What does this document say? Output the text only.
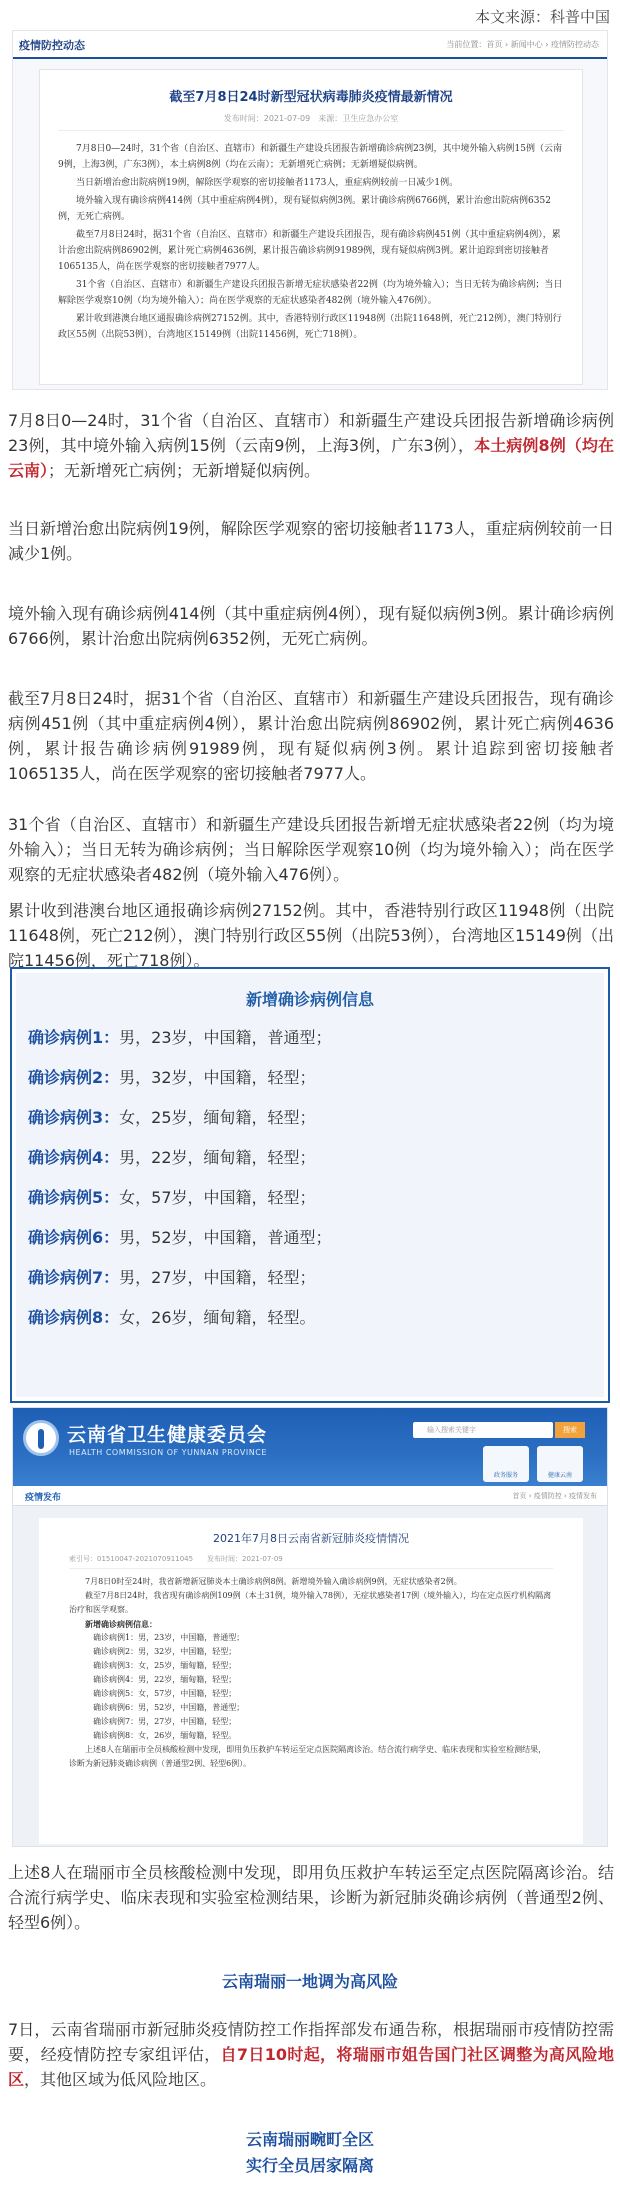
本文来源：科普中国
疫情防控动态	当前位置：首页 › 新闻中心 › 疫情防控动态
截至7月8日24时新型冠状病毒肺炎疫情最新情况
发布时间：2021-07-09　来源：卫生应急办公室

7月8日0—24时，31个省（自治区、直辖市）和新疆生产建设兵团报告新增确诊病例23例，其中境外输入病例15例（云南9例，上海3例，广东3例），本土病例8例（均在云南）；无新增死亡病例；无新增疑似病例。

当日新增治愈出院病例19例，解除医学观察的密切接触者1173人，重症病例较前一日减少1例。

境外输入现有确诊病例414例（其中重症病例4例），现有疑似病例3例。累计确诊病例6766例，累计治愈出院病例6352例，无死亡病例。

截至7月8日24时，据31个省（自治区、直辖市）和新疆生产建设兵团报告，现有确诊病例451例（其中重症病例4例），累计治愈出院病例86902例，累计死亡病例4636例，累计报告确诊病例91989例，现有疑似病例3例。累计追踪到密切接触者1065135人，尚在医学观察的密切接触者7977人。

31个省（自治区、直辖市）和新疆生产建设兵团报告新增无症状感染者22例（均为境外输入）；当日无转为确诊病例；当日解除医学观察10例（均为境外输入）；尚在医学观察的无症状感染者482例（境外输入476例）。

累计收到港澳台地区通报确诊病例27152例。其中，香港特别行政区11948例（出院11648例，死亡212例），澳门特别行政区55例（出院53例），台湾地区15149例（出院11456例，死亡718例）。

7月8日0—24时，31个省（自治区、直辖市）和新疆生产建设兵团报告新增确诊病例23例，其中境外输入病例15例（云南9例，上海3例，广东3例），本土病例8例（均在云南）；无新增死亡病例；无新增疑似病例。
当日新增治愈出院病例19例，解除医学观察的密切接触者1173人，重症病例较前一日减少1例。
境外输入现有确诊病例414例（其中重症病例4例），现有疑似病例3例。累计确诊病例6766例，累计治愈出院病例6352例，无死亡病例。
截至7月8日24时，据31个省（自治区、直辖市）和新疆生产建设兵团报告，现有确诊病例451例（其中重症病例4例），累计治愈出院病例86902例，累计死亡病例4636例，累计报告确诊病例91989例，现有疑似病例3例。累计追踪到密切接触者1065135人，尚在医学观察的密切接触者7977人。
31个省（自治区、直辖市）和新疆生产建设兵团报告新增无症状感染者22例（均为境外输入）；当日无转为确诊病例；当日解除医学观察10例（均为境外输入）；尚在医学观察的无症状感染者482例（境外输入476例）。
累计收到港澳台地区通报确诊病例27152例。其中，香港特别行政区11948例（出院11648例，死亡212例），澳门特别行政区55例（出院53例），台湾地区15149例（出院11456例，死亡718例）。
新增确诊病例信息
确诊病例1：男，23岁，中国籍，普通型；
确诊病例2：男，32岁，中国籍，轻型；
确诊病例3：女，25岁，缅甸籍，轻型；
确诊病例4：男，22岁，缅甸籍，轻型；
确诊病例5：女，57岁，中国籍，轻型；
确诊病例6：男，52岁，中国籍，普通型；
确诊病例7：男，27岁，中国籍，轻型；
确诊病例8：女，26岁，缅甸籍，轻型。
云南省卫生健康委员会
HEALTH COMMISSION OF YUNNAN PROVINCE
输入搜索关键字	搜索
政务服务	健康云南
疫情发布	首页 › 疫情防控 › 疫情发布
2021年7月8日云南省新冠肺炎疫情情况
索引号：01510047-2021070911045　　发布时间：2021-07-09

7月8日0时至24时，我省新增新冠肺炎本土确诊病例8例。新增境外输入确诊病例9例，无症状感染者2例。

截至7月8日24时，我省现有确诊病例109例（本土31例，境外输入78例），无症状感染者17例（境外输入），均在定点医疗机构隔离治疗和医学观察。

新增确诊病例信息：

确诊病例1：男，23岁，中国籍，普通型；

确诊病例2：男，32岁，中国籍，轻型；

确诊病例3：女，25岁，缅甸籍，轻型；

确诊病例4：男，22岁，缅甸籍，轻型；

确诊病例5：女，57岁，中国籍，轻型；

确诊病例6：男，52岁，中国籍，普通型；

确诊病例7：男，27岁，中国籍，轻型；

确诊病例8：女，26岁，缅甸籍，轻型。

上述8人在瑞丽市全员核酸检测中发现，即用负压救护车转运至定点医院隔离诊治。结合流行病学史、临床表现和实验室检测结果，诊断为新冠肺炎确诊病例（普通型2例、轻型6例）。

上述8人在瑞丽市全员核酸检测中发现，即用负压救护车转运至定点医院隔离诊治。结合流行病学史、临床表现和实验室检测结果，诊断为新冠肺炎确诊病例（普通型2例、轻型6例）。
云南瑞丽一地调为高风险
7日，云南省瑞丽市新冠肺炎疫情防控工作指挥部发布通告称，根据瑞丽市疫情防控需要，经疫情防控专家组评估，自7日10时起，将瑞丽市姐告国门社区调整为高风险地区，其他区域为低风险地区。
云南瑞丽畹町全区
实行全员居家隔离
